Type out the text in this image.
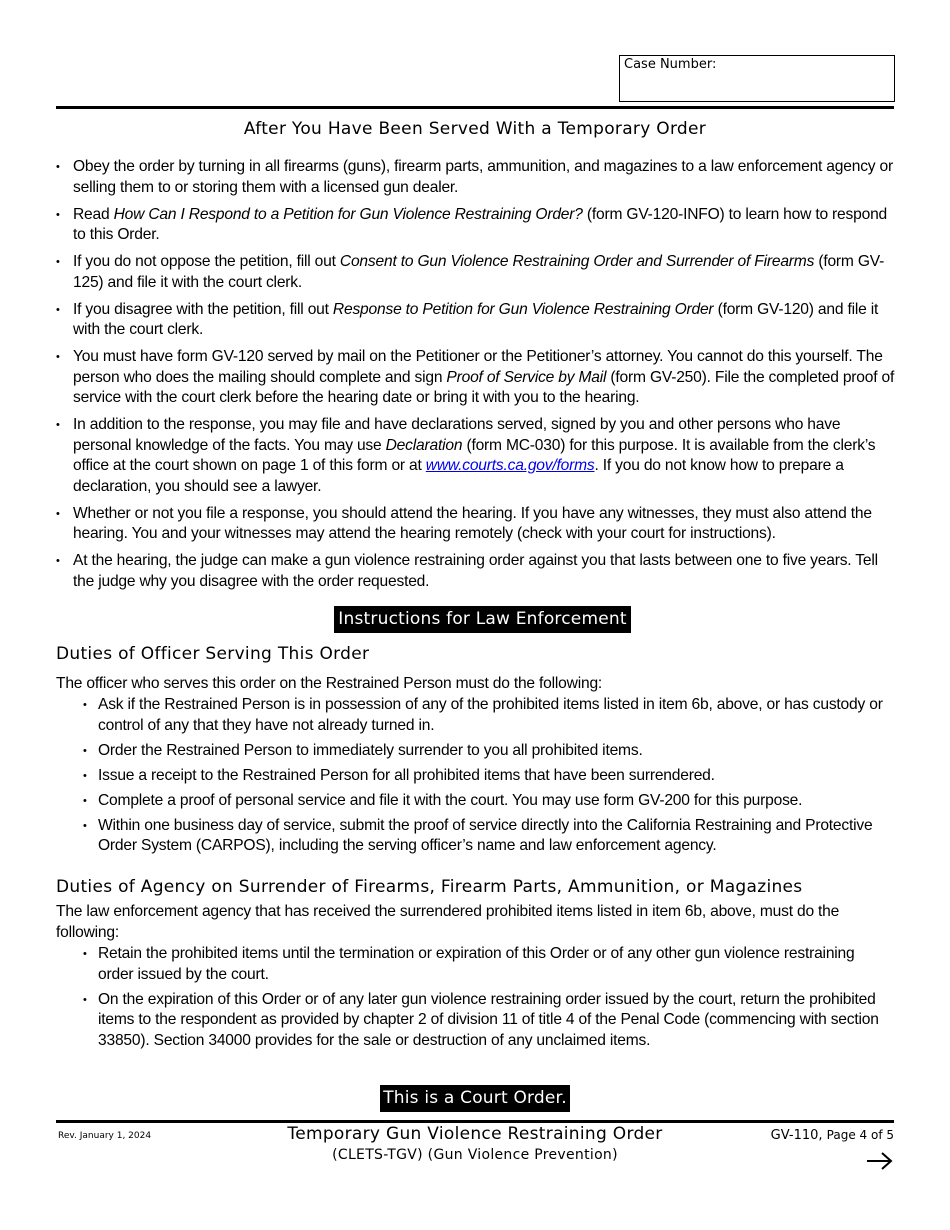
Case Number:
After You Have Been Served With a Temporary Order
• Obey the order by turning in all firearms (guns), firearm parts, ammunition, and magazines to a law enforcement agency or selling them to or storing them with a licensed gun dealer.
• Read How Can I Respond to a Petition for Gun Violence Restraining Order? (form GV-120-INFO) to learn how to respond to this Order.
• If you do not oppose the petition, fill out Consent to Gun Violence Restraining Order and Surrender of Firearms (form GV-125) and file it with the court clerk.
• If you disagree with the petition, fill out Response to Petition for Gun Violence Restraining Order (form GV-120) and file it with the court clerk.
• You must have form GV-120 served by mail on the Petitioner or the Petitioner’s attorney. You cannot do this yourself. The person who does the mailing should complete and sign Proof of Service by Mail (form GV-250). File the completed proof of service with the court clerk before the hearing date or bring it with you to the hearing.
• In addition to the response, you may file and have declarations served, signed by you and other persons who have personal knowledge of the facts. You may use Declaration (form MC-030) for this purpose. It is available from the clerk’s office at the court shown on page 1 of this form or at www.courts.ca.gov/forms. If you do not know how to prepare a declaration, you should see a lawyer.
• Whether or not you file a response, you should attend the hearing. If you have any witnesses, they must also attend the hearing. You and your witnesses may attend the hearing remotely (check with your court for instructions).
• At the hearing, the judge can make a gun violence restraining order against you that lasts between one to five years. Tell the judge why you disagree with the order requested.
Instructions for Law Enforcement
Duties of Officer Serving This Order
The officer who serves this order on the Restrained Person must do the following:
• Ask if the Restrained Person is in possession of any of the prohibited items listed in item 6b, above, or has custody or control of any that they have not already turned in.
• Order the Restrained Person to immediately surrender to you all prohibited items.
• Issue a receipt to the Restrained Person for all prohibited items that have been surrendered.
• Complete a proof of personal service and file it with the court. You may use form GV-200 for this purpose.
• Within one business day of service, submit the proof of service directly into the California Restraining and Protective Order System (CARPOS), including the serving officer’s name and law enforcement agency.
Duties of Agency on Surrender of Firearms, Firearm Parts, Ammunition, or Magazines
The law enforcement agency that has received the surrendered prohibited items listed in item 6b, above, must do the following:
• Retain the prohibited items until the termination or expiration of this Order or of any other gun violence restraining order issued by the court.
• On the expiration of this Order or of any later gun violence restraining order issued by the court, return the prohibited items to the respondent as provided by chapter 2 of division 11 of title 4 of the Penal Code (commencing with section 33850). Section 34000 provides for the sale or destruction of any unclaimed items.
This is a Court Order.
Rev. January 1, 2024	Temporary Gun Violence Restraining Order
(CLETS-TGV) (Gun Violence Prevention)
GV-110, Page 4 of 5
